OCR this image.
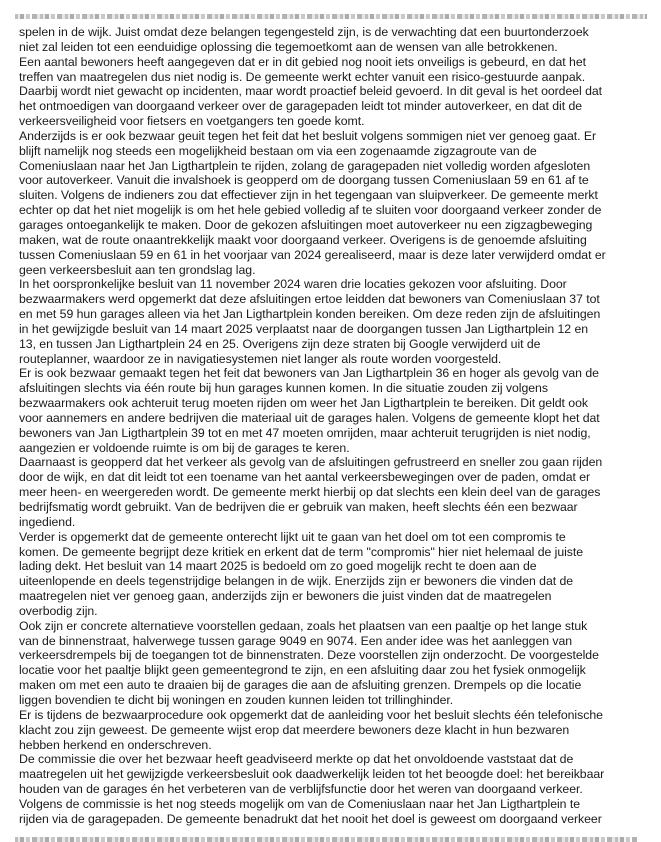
spelen in de wijk. Juist omdat deze belangen tegengesteld zijn, is de verwachting dat een buurtonderzoek
niet zal leiden tot een eenduidige oplossing die tegemoetkomt aan de wensen van alle betrokkenen.
Een aantal bewoners heeft aangegeven dat er in dit gebied nog nooit iets onveiligs is gebeurd, en dat het
treffen van maatregelen dus niet nodig is. De gemeente werkt echter vanuit een risico-gestuurde aanpak.
Daarbij wordt niet gewacht op incidenten, maar wordt proactief beleid gevoerd. In dit geval is het oordeel dat
het ontmoedigen van doorgaand verkeer over de garagepaden leidt tot minder autoverkeer, en dat dit de
verkeersveiligheid voor fietsers en voetgangers ten goede komt.
Anderzijds is er ook bezwaar geuit tegen het feit dat het besluit volgens sommigen niet ver genoeg gaat. Er
blijft namelijk nog steeds een mogelijkheid bestaan om via een zogenaamde zigzagroute van de
Comeniuslaan naar het Jan Ligthartplein te rijden, zolang de garagepaden niet volledig worden afgesloten
voor autoverkeer. Vanuit die invalshoek is geopperd om de doorgang tussen Comeniuslaan 59 en 61 af te
sluiten. Volgens de indieners zou dat effectiever zijn in het tegengaan van sluipverkeer. De gemeente merkt
echter op dat het niet mogelijk is om het hele gebied volledig af te sluiten voor doorgaand verkeer zonder de
garages ontoegankelijk te maken. Door de gekozen afsluitingen moet autoverkeer nu een zigzagbeweging
maken, wat de route onaantrekkelijk maakt voor doorgaand verkeer. Overigens is de genoemde afsluiting
tussen Comeniuslaan 59 en 61 in het voorjaar van 2024 gerealiseerd, maar is deze later verwijderd omdat er
geen verkeersbesluit aan ten grondslag lag.
In het oorspronkelijke besluit van 11 november 2024 waren drie locaties gekozen voor afsluiting. Door
bezwaarmakers werd opgemerkt dat deze afsluitingen ertoe leidden dat bewoners van Comeniuslaan 37 tot
en met 59 hun garages alleen via het Jan Ligthartplein konden bereiken. Om deze reden zijn de afsluitingen
in het gewijzigde besluit van 14 maart 2025 verplaatst naar de doorgangen tussen Jan Ligthartplein 12 en
13, en tussen Jan Ligthartplein 24 en 25. Overigens zijn deze straten bij Google verwijderd uit de
routeplanner, waardoor ze in navigatiesystemen niet langer als route worden voorgesteld.
Er is ook bezwaar gemaakt tegen het feit dat bewoners van Jan Ligthartplein 36 en hoger als gevolg van de
afsluitingen slechts via één route bij hun garages kunnen komen. In die situatie zouden zij volgens
bezwaarmakers ook achteruit terug moeten rijden om weer het Jan Ligthartplein te bereiken. Dit geldt ook
voor aannemers en andere bedrijven die materiaal uit de garages halen. Volgens de gemeente klopt het dat
bewoners van Jan Ligthartplein 39 tot en met 47 moeten omrijden, maar achteruit terugrijden is niet nodig,
aangezien er voldoende ruimte is om bij de garages te keren.
Daarnaast is geopperd dat het verkeer als gevolg van de afsluitingen gefrustreerd en sneller zou gaan rijden
door de wijk, en dat dit leidt tot een toename van het aantal verkeersbewegingen over de paden, omdat er
meer heen- en weergereden wordt. De gemeente merkt hierbij op dat slechts een klein deel van de garages
bedrijfsmatig wordt gebruikt. Van de bedrijven die er gebruik van maken, heeft slechts één een bezwaar
ingediend.
Verder is opgemerkt dat de gemeente onterecht lijkt uit te gaan van het doel om tot een compromis te
komen. De gemeente begrijpt deze kritiek en erkent dat de term "compromis" hier niet helemaal de juiste
lading dekt. Het besluit van 14 maart 2025 is bedoeld om zo goed mogelijk recht te doen aan de
uiteenlopende en deels tegenstrijdige belangen in de wijk. Enerzijds zijn er bewoners die vinden dat de
maatregelen niet ver genoeg gaan, anderzijds zijn er bewoners die juist vinden dat de maatregelen
overbodig zijn.
Ook zijn er concrete alternatieve voorstellen gedaan, zoals het plaatsen van een paaltje op het lange stuk
van de binnenstraat, halverwege tussen garage 9049 en 9074. Een ander idee was het aanleggen van
verkeersdrempels bij de toegangen tot de binnenstraten. Deze voorstellen zijn onderzocht. De voorgestelde
locatie voor het paaltje blijkt geen gemeentegrond te zijn, en een afsluiting daar zou het fysiek onmogelijk
maken om met een auto te draaien bij de garages die aan de afsluiting grenzen. Drempels op die locatie
liggen bovendien te dicht bij woningen en zouden kunnen leiden tot trillinghinder.
Er is tijdens de bezwaarprocedure ook opgemerkt dat de aanleiding voor het besluit slechts één telefonische
klacht zou zijn geweest. De gemeente wijst erop dat meerdere bewoners deze klacht in hun bezwaren
hebben herkend en onderschreven.
De commissie die over het bezwaar heeft geadviseerd merkte op dat het onvoldoende vaststaat dat de
maatregelen uit het gewijzigde verkeersbesluit ook daadwerkelijk leiden tot het beoogde doel: het bereikbaar
houden van de garages én het verbeteren van de verblijfsfunctie door het weren van doorgaand verkeer.
Volgens de commissie is het nog steeds mogelijk om van de Comeniuslaan naar het Jan Ligthartplein te
rijden via de garagepaden. De gemeente benadrukt dat het nooit het doel is geweest om doorgaand verkeer
